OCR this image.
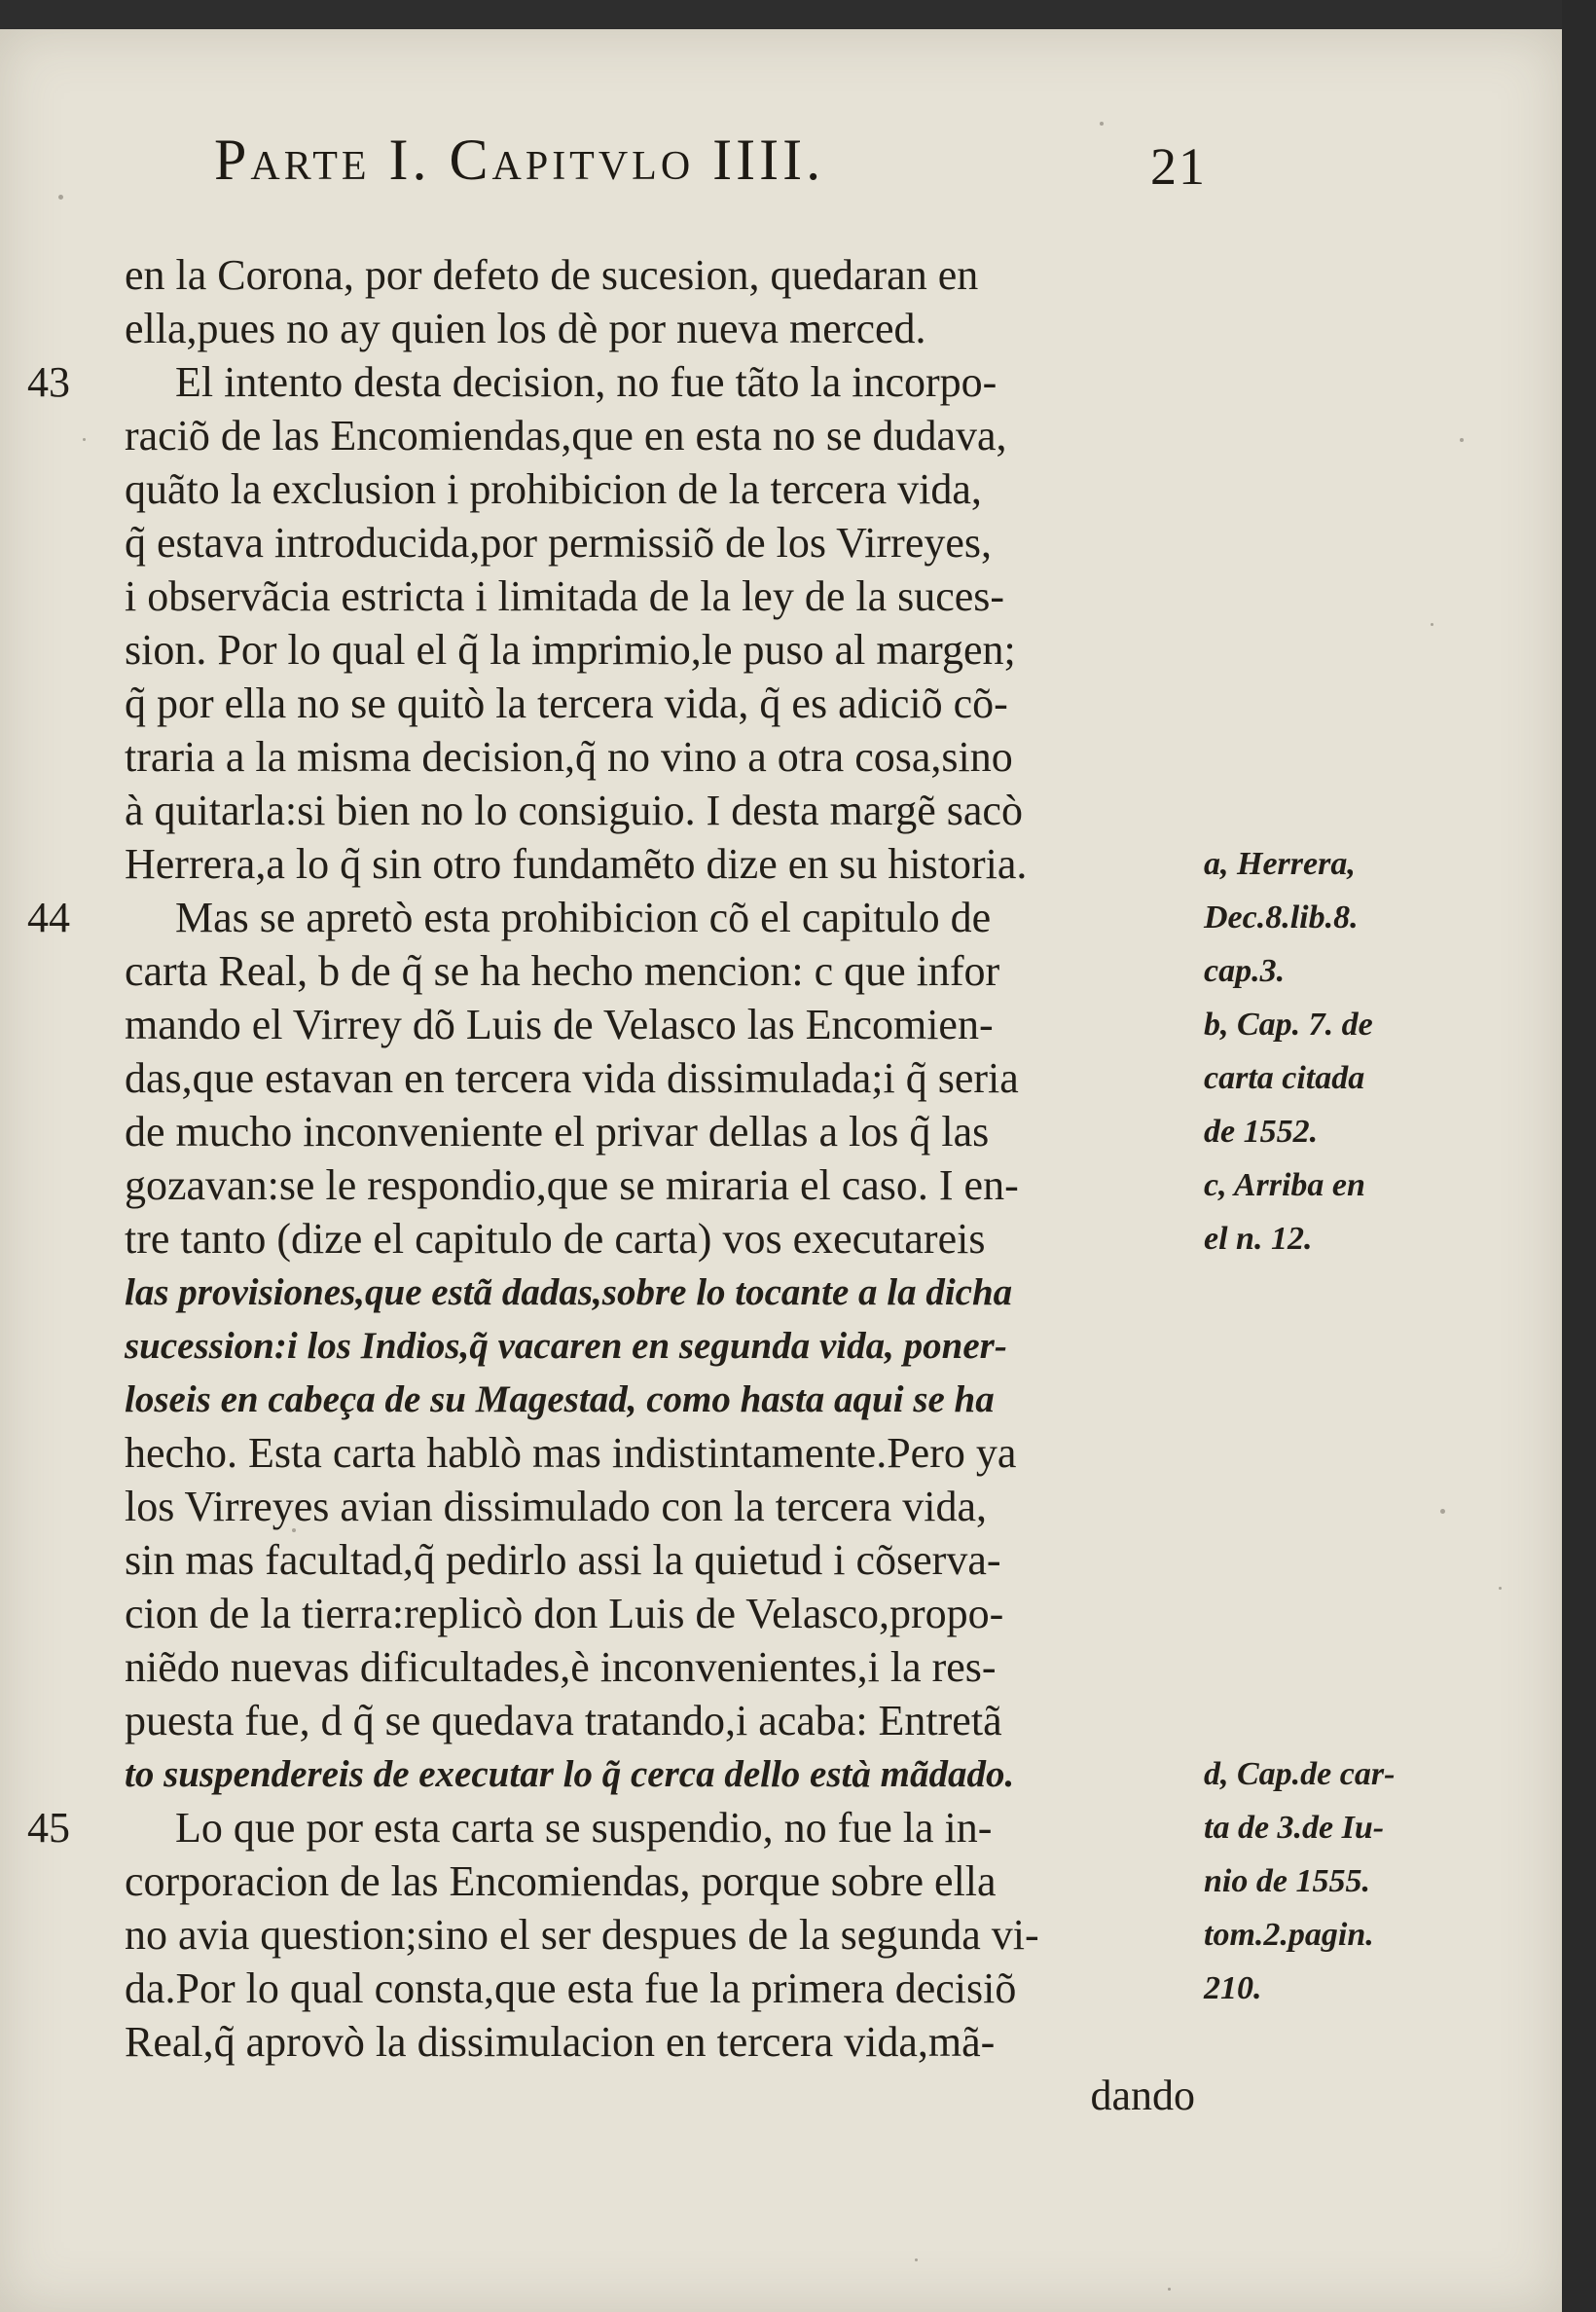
Parte I. Capitvlo IIII.	21
en la Corona, por defeto de sucesion, quedaran en
ella,pues no ay quien los dè por nueva merced.
43	El intento desta decision, no fue tãto la incorpo-
raciõ de las Encomiendas,que en esta no se dudava,
quãto la exclusion i prohibicion de la tercera vida,
q̃ estava introducida,por permissiõ de los Virreyes,
i observãcia estricta i limitada de la ley de la suces-
sion. Por lo qual el q̃ la imprimio,le puso al margen;
q̃ por ella no se quitò la tercera vida, q̃ es adiciõ cõ-
traria a la misma decision,q̃ no vino a otra cosa,sino
à quitarla:si bien no lo consiguio. I desta margẽ sacò
Herrera,a lo q̃ sin otro fundamẽto dize en su historia.
44	Mas se apretò esta prohibicion cõ el capitulo de
carta Real, b de q̃ se ha hecho mencion: c que infor
mando el Virrey dõ Luis de Velasco las Encomien-
das,que estavan en tercera vida dissimulada;i q̃ seria
de mucho inconveniente el privar dellas a los q̃ las
gozavan:se le respondio,que se miraria el caso. I en-
tre tanto (dize el capitulo de carta) vos executareis
las provisiones,que estã dadas,sobre lo tocante a la dicha
sucession:i los Indios,q̃ vacaren en segunda vida, poner-
loseis en cabeça de su Magestad, como hasta aqui se ha
hecho. Esta carta hablò mas indistintamente.Pero ya
los Virreyes avian dissimulado con la tercera vida,
sin mas facultad,q̃ pedirlo assi la quietud i cõserva-
cion de la tierra:replicò don Luis de Velasco,propo-
niẽdo nuevas dificultades,è inconvenientes,i la res-
puesta fue, d q̃ se quedava tratando,i acaba: Entretã
to suspendereis de executar lo q̃ cerca dello està mãdado.
45	Lo que por esta carta se suspendio, no fue la in-
corporacion de las Encomiendas, porque sobre ella
no avia question;sino el ser despues de la segunda vi-
da.Por lo qual consta,que esta fue la primera decisiõ
Real,q̃ aprovò la dissimulacion en tercera vida,mã-
dando
a, Herrera,
Dec.8.lib.8.
cap.3.
b, Cap. 7. de
carta citada
de 1552.
c, Arriba en
el n. 12.
d, Cap.de car-
ta de 3.de Iu-
nio de 1555.
tom.2.pagin.
210.
